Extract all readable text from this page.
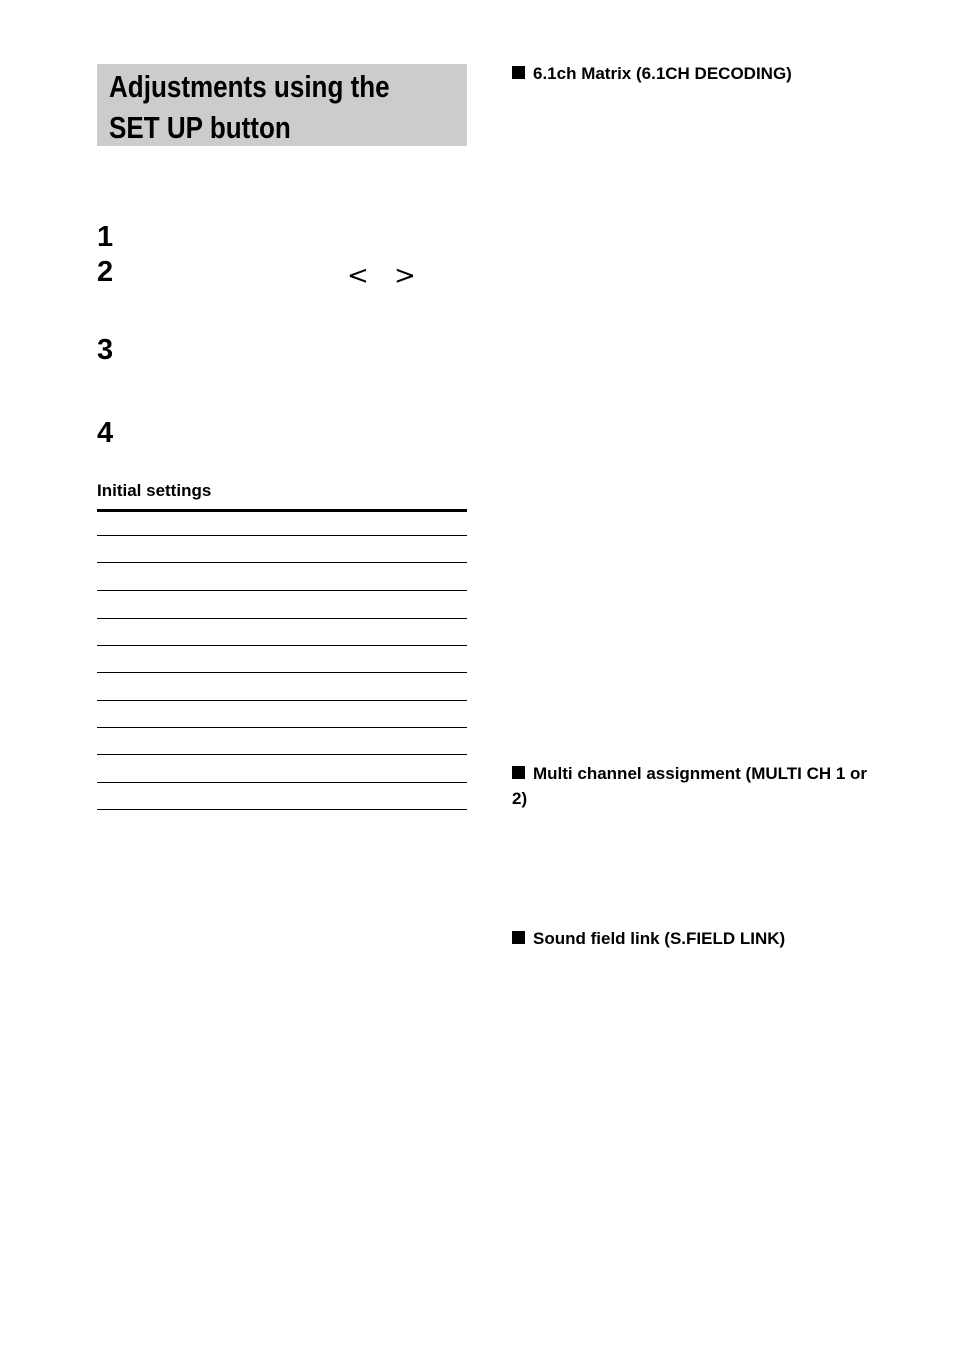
Adjustments using the
SET UP button
1
2
3
4
< >
Initial settings
6.1ch Matrix (6.1CH DECODING)
Multi channel assignment (MULTI CH 1 or 2)
Sound field link (S.FIELD LINK)
